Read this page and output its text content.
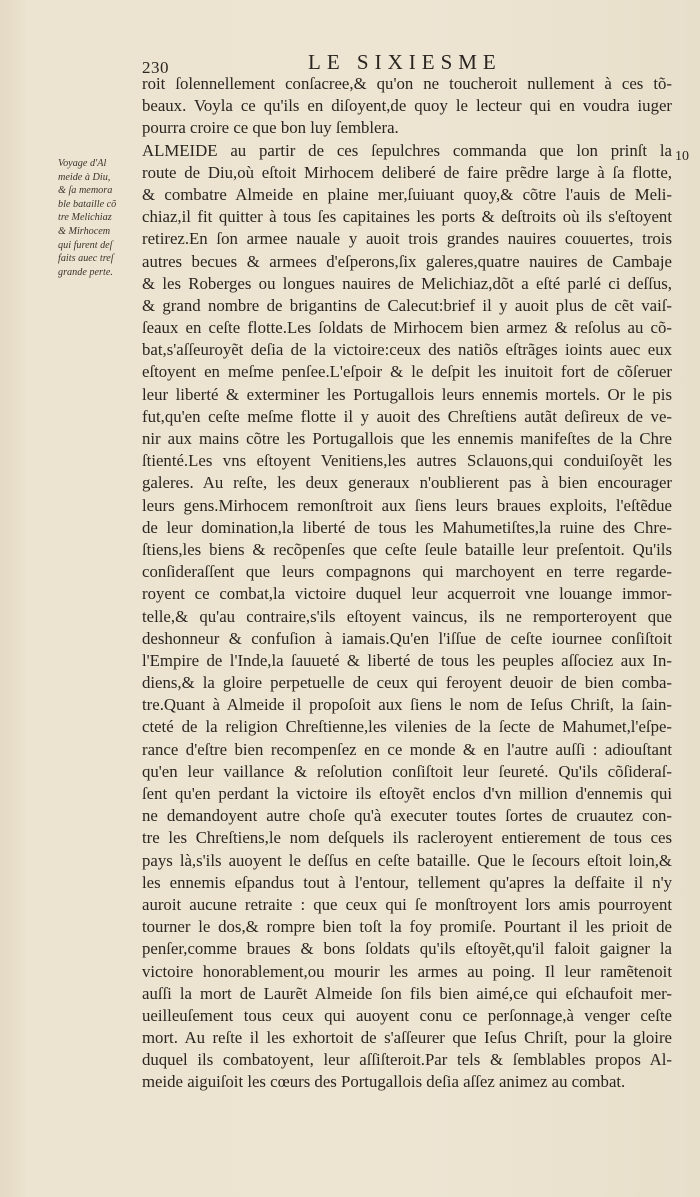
230	LE SIXIESME
Voyage d'Al
meide à Diu,
& ſa memora
ble bataille cõ
tre Melichiaz
& Mirhocem
qui furent deſ
faits auec treſ
grande perte.
10
roit ſolennellement conſacree,& qu'on ne toucheroit nullement à ces tõ-
beaux. Voyla ce qu'ils en diſoyent,de quoy le lecteur qui en voudra iuger
pourra croire ce que bon luy ſemblera.
ALMEIDE au partir de ces ſepulchres commanda que lon prinſt la
route de Diu,où eſtoit Mirhocem deliberé de faire prẽdre large à ſa flotte,
& combatre Almeide en plaine mer,ſuiuant quoy,& cõtre l'auis de Meli-
chiaz,il fit quitter à tous ſes capitaines les ports & deſtroits où ils s'eſtoyent
retirez.En ſon armee nauale y auoit trois grandes nauires couuertes, trois
autres becues & armees d'eſperons,ſix galeres,quatre nauires de Cambaje
& les Roberges ou longues nauires de Melichiaz,dõt a eſté parlé ci deſſus,
& grand nombre de brigantins de Calecut:brief il y auoit plus de cẽt vaiſ-
ſeaux en ceſte flotte.Les ſoldats de Mirhocem bien armez & reſolus au cõ-
bat,s'aſſeuroyẽt deſia de la victoire:ceux des natiõs eſtrãges ioints auec eux
eſtoyent en meſme penſee.L'eſpoir & le deſpit les inuitoit fort de cõſeruer
leur liberté & exterminer les Portugallois leurs ennemis mortels. Or le pis
fut,qu'en ceſte meſme flotte il y auoit des Chreſtiens autãt deſireux de ve-
nir aux mains cõtre les Portugallois que les ennemis manifeſtes de la Chre
ſtienté.Les vns eſtoyent Venitiens,les autres Sclauons,qui conduiſoyẽt les
galeres. Au reſte, les deux generaux n'oublierent pas à bien encourager
leurs gens.Mirhocem remonſtroit aux ſiens leurs braues exploits, l'eſtẽdue
de leur domination,la liberté de tous les Mahumetiſtes,la ruine des Chre-
ſtiens,les biens & recõpenſes que ceſte ſeule bataille leur preſentoit. Qu'ils
conſideraſſent que leurs compagnons qui marchoyent en terre regarde-
royent ce combat,la victoire duquel leur acquerroit vne louange immor-
telle,& qu'au contraire,s'ils eſtoyent vaincus, ils ne remporteroyent que
deshonneur & confuſion à iamais.Qu'en l'iſſue de ceſte iournee conſiſtoit
l'Empire de l'Inde,la ſauueté & liberté de tous les peuples aſſociez aux In-
diens,& la gloire perpetuelle de ceux qui feroyent deuoir de bien comba-
tre.Quant à Almeide il propoſoit aux ſiens le nom de Ieſus Chriſt, la ſain-
cteté de la religion Chreſtienne,les vilenies de la ſecte de Mahumet,l'eſpe-
rance d'eſtre bien recompenſez en ce monde & en l'autre auſſi : adiouſtant
qu'en leur vaillance & reſolution conſiſtoit leur ſeureté. Qu'ils cõſideraſ-
ſent qu'en perdant la victoire ils eſtoyẽt enclos d'vn million d'ennemis qui
ne demandoyent autre choſe qu'à executer toutes ſortes de cruautez con-
tre les Chreſtiens,le nom deſquels ils racleroyent entierement de tous ces
pays là,s'ils auoyent le deſſus en ceſte bataille. Que le ſecours eſtoit loin,&
les ennemis eſpandus tout à l'entour, tellement qu'apres la deſfaite il n'y
auroit aucune retraite : que ceux qui ſe monſtroyent lors amis pourroyent
tourner le dos,& rompre bien toſt la foy promiſe. Pourtant il les prioit de
penſer,comme braues & bons ſoldats qu'ils eſtoyẽt,qu'il faloit gaigner la
victoire honorablement,ou mourir les armes au poing. Il leur ramẽtenoit
auſſi la mort de Laurẽt Almeide ſon fils bien aimé,ce qui eſchaufoit mer-
ueilleuſement tous ceux qui auoyent conu ce perſonnage,à venger ceſte
mort. Au reſte il les exhortoit de s'aſſeurer que Ieſus Chriſt, pour la gloire
duquel ils combatoyent, leur aſſiſteroit.Par tels & ſemblables propos Al-
meide aiguiſoit les cœurs des Portugallois deſia aſſez animez au combat.
